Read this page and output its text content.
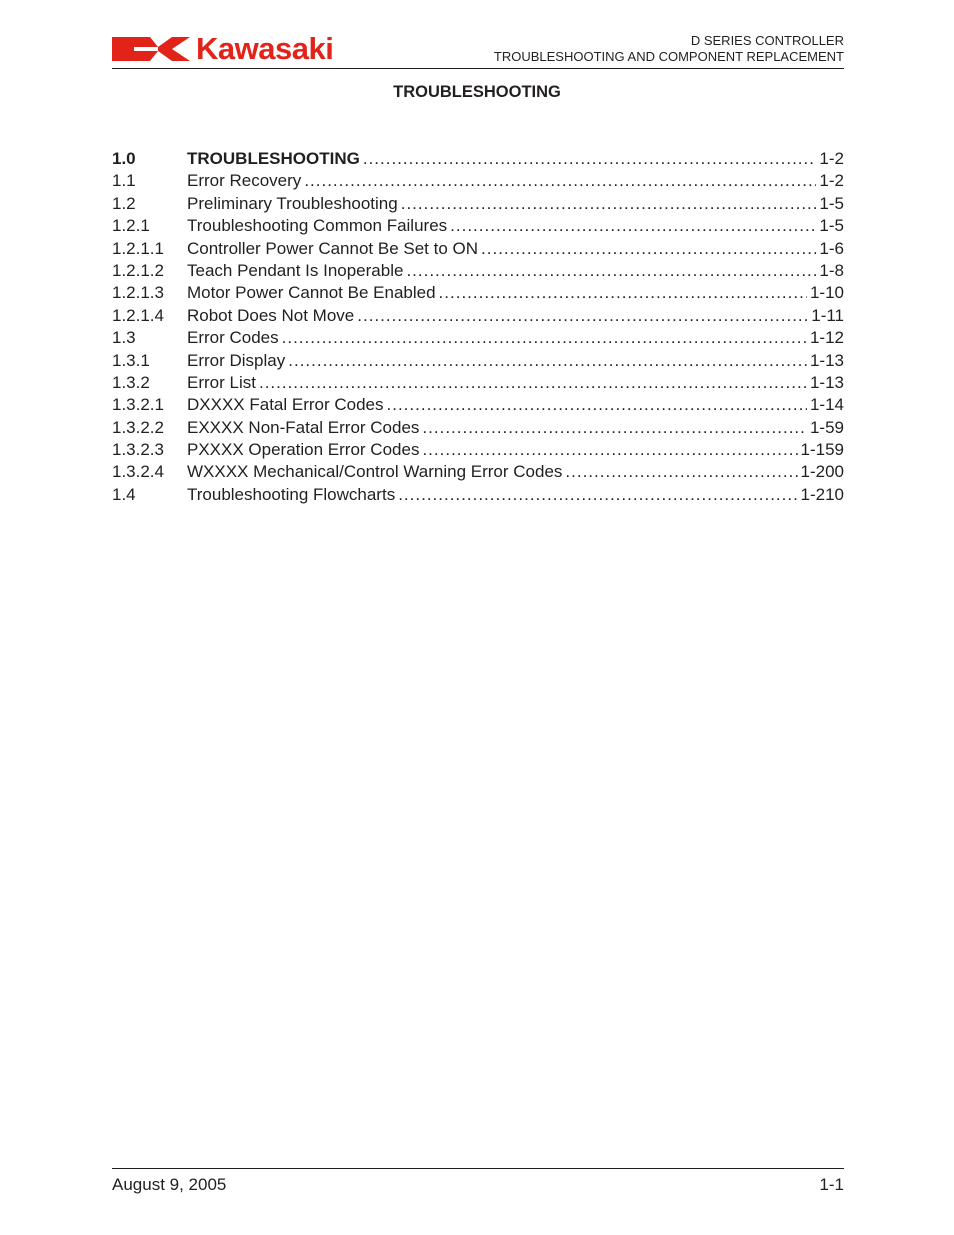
Kawasaki	D SERIES CONTROLLER
TROUBLESHOOTING AND COMPONENT REPLACEMENT
TROUBLESHOOTING
1.0	TROUBLESHOOTING .....	1-2
1.1	Error Recovery .....	1-2
1.2	Preliminary Troubleshooting .....	1-5
1.2.1	Troubleshooting Common Failures .....	1-5
1.2.1.1	Controller Power Cannot Be Set to ON .....	1-6
1.2.1.2	Teach Pendant Is Inoperable .....	1-8
1.2.1.3	Motor Power Cannot Be Enabled .....	1-10
1.2.1.4	Robot Does Not Move .....	1-11
1.3	Error Codes .....	1-12
1.3.1	Error Display .....	1-13
1.3.2	Error List .....	1-13
1.3.2.1	DXXXX Fatal Error Codes .....	1-14
1.3.2.2	EXXXX Non-Fatal Error Codes .....	1-59
1.3.2.3	PXXXX Operation Error Codes .....	1-159
1.3.2.4	WXXXX Mechanical/Control Warning Error Codes .....	1-200
1.4	Troubleshooting Flowcharts .....	1-210
August 9, 2005	1-1
